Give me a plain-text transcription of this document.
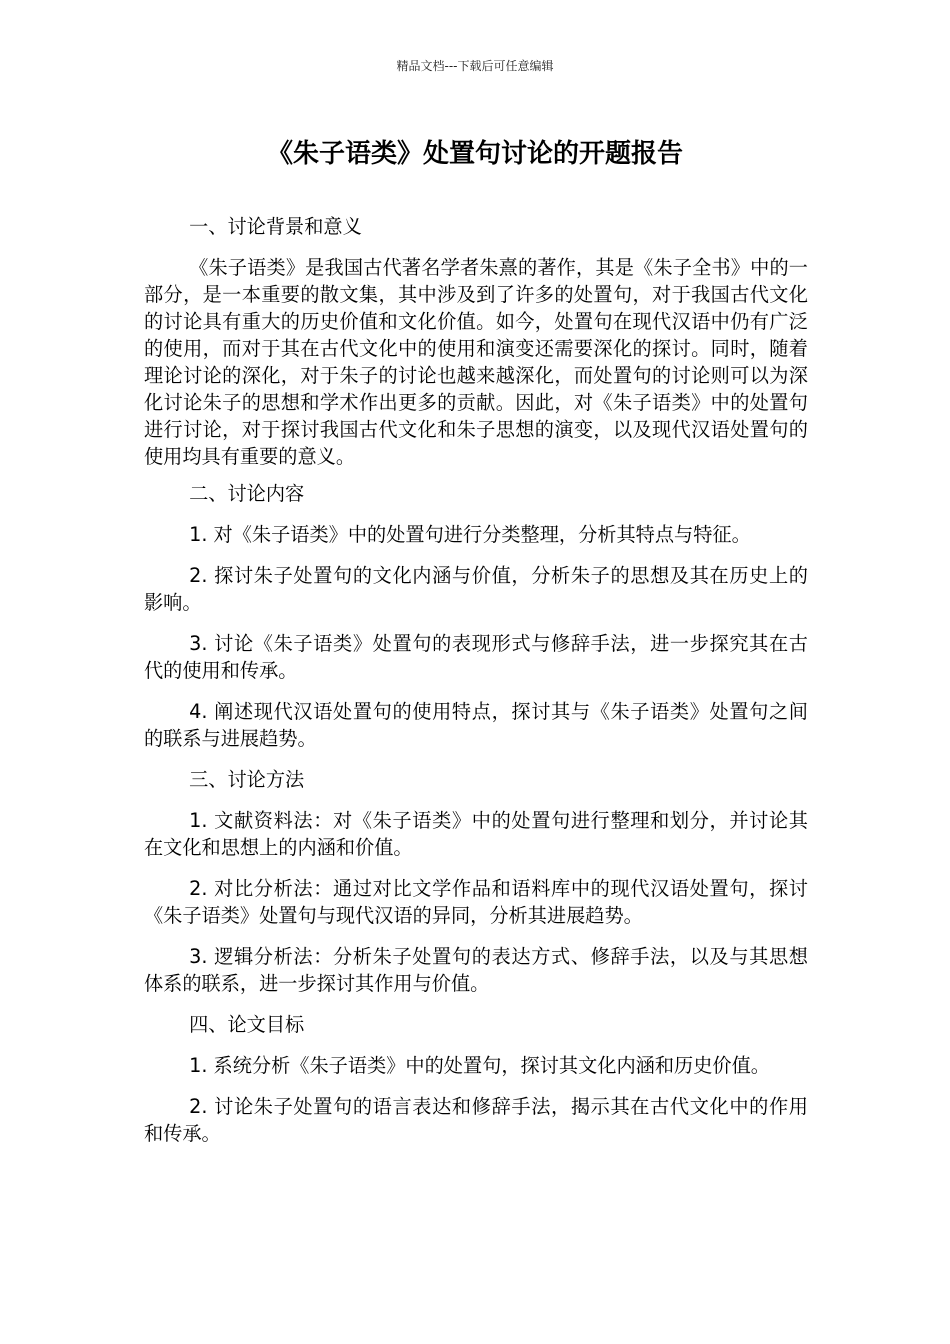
精品文档---下载后可任意编辑
《朱子语类》处置句讨论的开题报告

一、讨论背景和意义

《朱子语类》是我国古代著名学者朱熹的著作，其是《朱子全书》中的一部分，是一本重要的散文集，其中涉及到了许多的处置句，对于我国古代文化的讨论具有重大的历史价值和文化价值。如今，处置句在现代汉语中仍有广泛的使用，而对于其在古代文化中的使用和演变还需要深化的探讨。同时，随着理论讨论的深化，对于朱子的讨论也越来越深化，而处置句的讨论则可以为深化讨论朱子的思想和学术作出更多的贡献。因此，对《朱子语类》中的处置句进行讨论，对于探讨我国古代文化和朱子思想的演变，以及现代汉语处置句的使用均具有重要的意义。

二、讨论内容

1. 对《朱子语类》中的处置句进行分类整理，分析其特点与特征。

2. 探讨朱子处置句的文化内涵与价值，分析朱子的思想及其在历史上的影响。

3. 讨论《朱子语类》处置句的表现形式与修辞手法，进一步探究其在古代的使用和传承。

4. 阐述现代汉语处置句的使用特点，探讨其与《朱子语类》处置句之间的联系与进展趋势。

三、讨论方法

1. 文献资料法：对《朱子语类》中的处置句进行整理和划分，并讨论其在文化和思想上的内涵和价值。

2. 对比分析法：通过对比文学作品和语料库中的现代汉语处置句，探讨《朱子语类》处置句与现代汉语的异同，分析其进展趋势。

3. 逻辑分析法：分析朱子处置句的表达方式、修辞手法，以及与其思想体系的联系，进一步探讨其作用与价值。

四、论文目标

1. 系统分析《朱子语类》中的处置句，探讨其文化内涵和历史价值。

2. 讨论朱子处置句的语言表达和修辞手法，揭示其在古代文化中的作用和传承。
